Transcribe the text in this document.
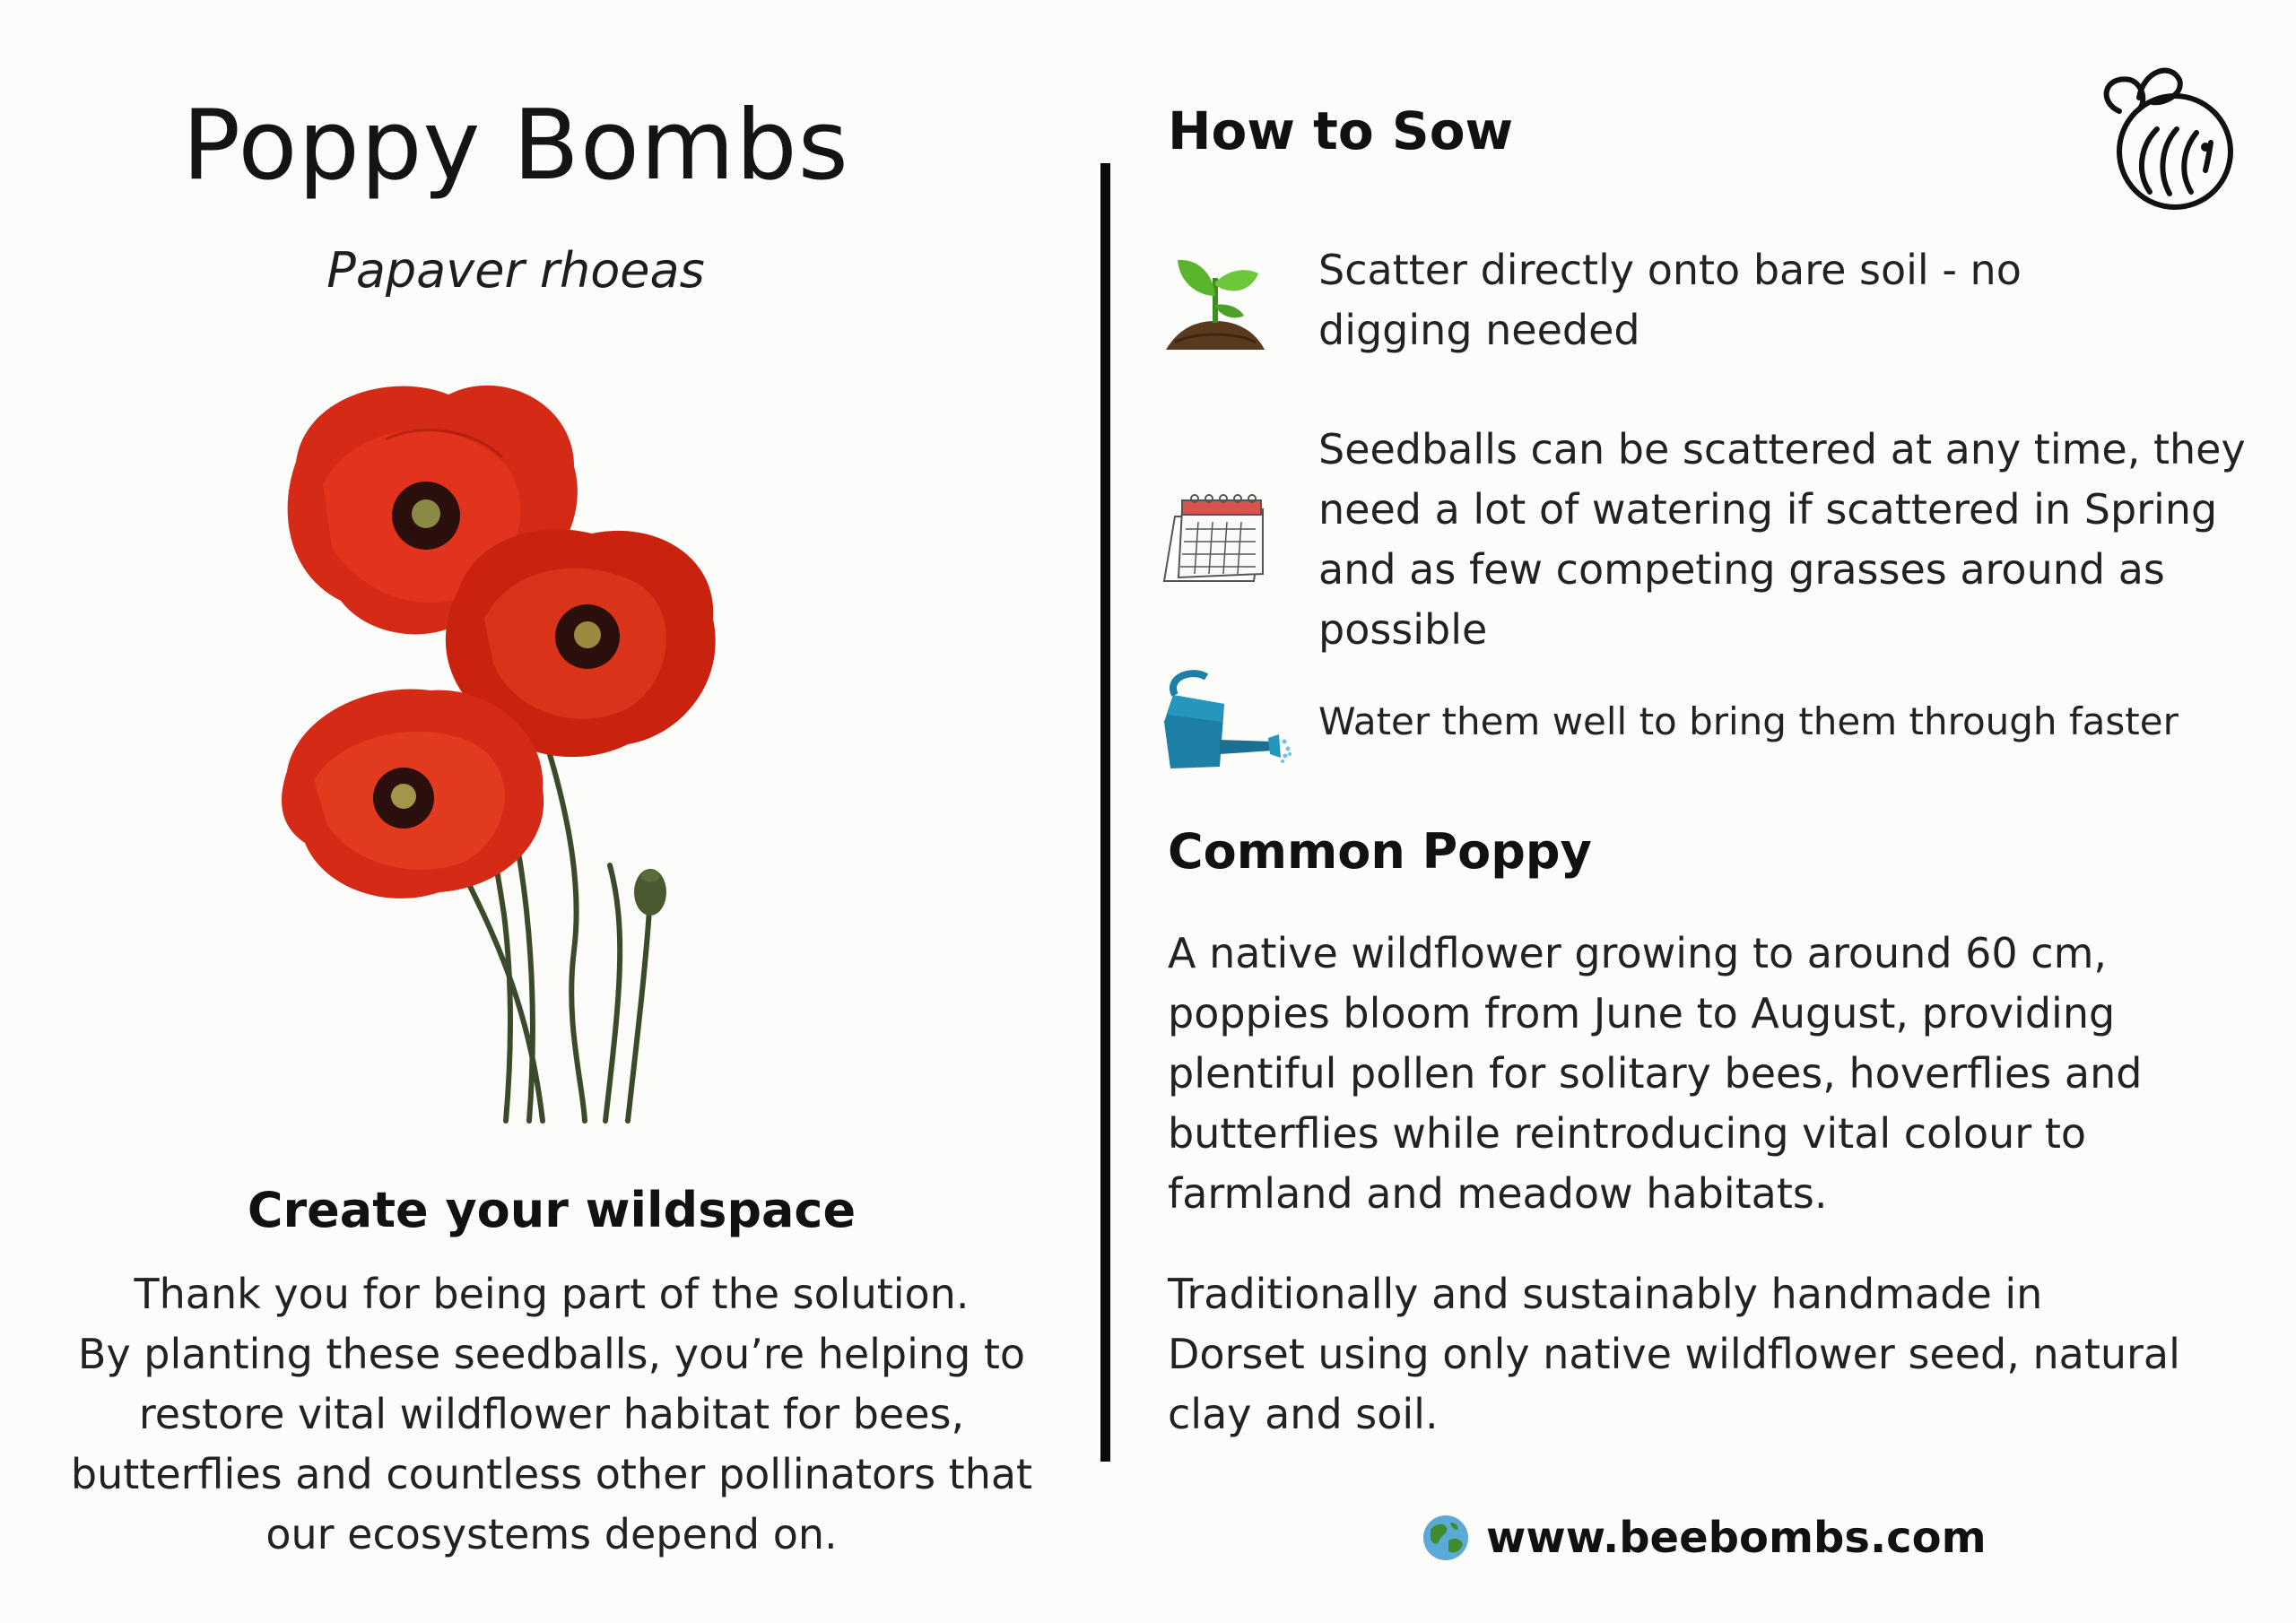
Poppy Bombs
Papaver rhoeas
Create your wildspace
Thank you for being part of the solution.
By planting these seedballs, you’re helping to
restore vital wildflower habitat for bees,
butterflies and countless other pollinators that
our ecosystems depend on.
How to Sow
Scatter directly onto bare soil - no
digging needed
Seedballs can be scattered at any time, they
need a lot of watering if scattered in Spring
and as few competing grasses around as
possible
Water them well to bring them through faster
Common Poppy
A native wildflower growing to around 60 cm,
poppies bloom from June to August, providing
plentiful pollen for solitary bees, hoverflies and
butterflies while reintroducing vital colour to
farmland and meadow habitats.
Traditionally and sustainably handmade in
Dorset using only native wildflower seed, natural
clay and soil.
www.beebombs.com
